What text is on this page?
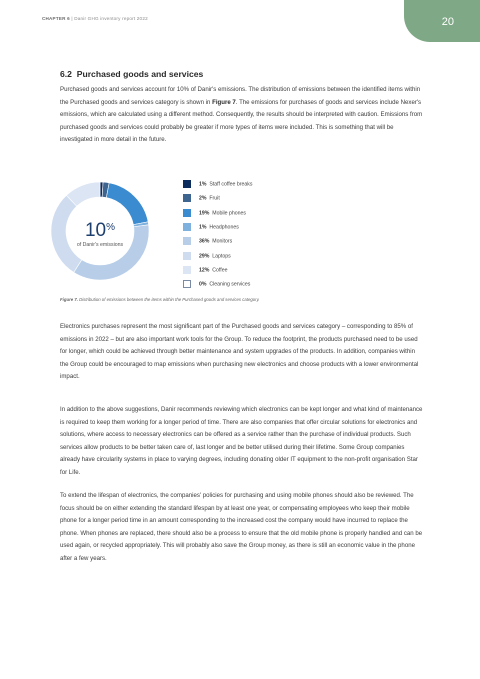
CHAPTER 6 | Danir GHG inventory report 2022	20
6.2 Purchased goods and services
Purchased goods and services account for 10% of Danir's emissions. The distribution of emissions between the identified items within the Purchased goods and services category is shown in Figure 7. The emissions for purchases of goods and services include Nexer's emissions, which are calculated using a different method. Consequently, the results should be interpreted with caution. Emissions from purchased goods and services could probably be greater if more types of items were included. This is something that will be investigated in more detail in the future.
10%
of Danir's emissions
1%  Staff coffee breaks
2%  Fruit
19%  Mobile phones
1%  Headphones
36%  Monitors
29%  Laptops
12%  Coffee
0%  Cleaning services
Figure 7. Distribution of emissions between the items within the Purchased goods and services category.
Electronics purchases represent the most significant part of the Purchased goods and services category – corresponding to 85% of emissions in 2022 – but are also important work tools for the Group. To reduce the footprint, the products purchased need to be used for longer, which could be achieved through better maintenance and system upgrades of the products. In addition, companies within the Group could be encouraged to map emissions when purchasing new electronics and choose products with a lower environmental impact.
In addition to the above suggestions, Danir recommends reviewing which electronics can be kept longer and what kind of maintenance is required to keep them working for a longer period of time. There are also companies that offer circular solutions for electronics and solutions, where access to necessary electronics can be offered as a service rather than the purchase of individual products. Such services allow products to be better taken care of, last longer and be better utilised during their lifetime. Some Group companies already have circularity systems in place to varying degrees, including donating older IT equipment to the non-profit organisation Star for Life.
To extend the lifespan of electronics, the companies' policies for purchasing and using mobile phones should also be reviewed. The focus should be on either extending the standard lifespan by at least one year, or compensating employees who keep their mobile phone for a longer period time in an amount corresponding to the increased cost the company would have incurred to replace the phone. When phones are replaced, there should also be a process to ensure that the old mobile phone is properly handled and can be used again, or recycled appropriately. This will probably also save the Group money, as there is still an economic value in the phone after a few years.
